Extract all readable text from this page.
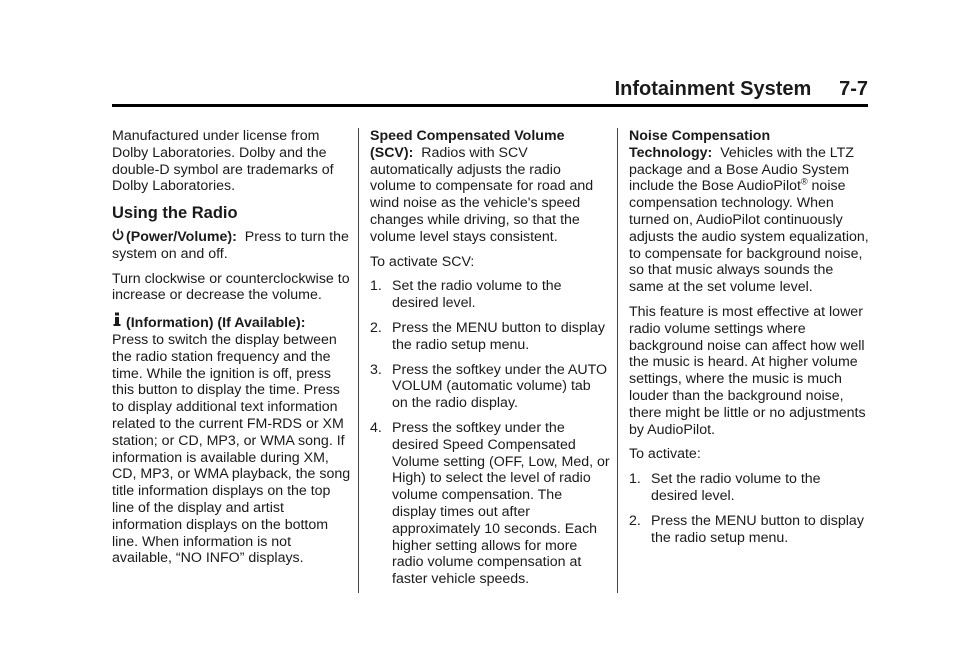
Infotainment System     7-7

Manufactured under license from Dolby Laboratories. Dolby and the double-D symbol are trademarks of Dolby Laboratories.

Using the Radio

(Power/Volume): Press to turn the system on and off.

Turn clockwise or counterclockwise to increase or decrease the volume.

(Information) (If Available):
Press to switch the display between the radio station frequency and the time. While the ignition is off, press this button to display the time. Press to display additional text information related to the current FM-RDS or XM station; or CD, MP3, or WMA song. If information is available during XM, CD, MP3, or WMA playback, the song title information displays on the top line of the display and artist information displays on the bottom line. When information is not available, “NO INFO” displays.

Speed Compensated Volume (SCV): Radios with SCV automatically adjusts the radio volume to compensate for road and wind noise as the vehicle's speed changes while driving, so that the volume level stays consistent.

To activate SCV:

1. Set the radio volume to the desired level.
2. Press the MENU button to display the radio setup menu.
3. Press the softkey under the AUTO VOLUM (automatic volume) tab on the radio display.
4. Press the softkey under the desired Speed Compensated Volume setting (OFF, Low, Med, or High) to select the level of radio volume compensation. The display times out after approximately 10 seconds. Each higher setting allows for more radio volume compensation at faster vehicle speeds.

Noise Compensation Technology: Vehicles with the LTZ package and a Bose Audio System include the Bose AudioPilot® noise compensation technology. When turned on, AudioPilot continuously adjusts the audio system equalization, to compensate for background noise, so that music always sounds the same at the set volume level.

This feature is most effective at lower radio volume settings where background noise can affect how well the music is heard. At higher volume settings, where the music is much louder than the background noise, there might be little or no adjustments by AudioPilot.

To activate:

1. Set the radio volume to the desired level.
2. Press the MENU button to display the radio setup menu.
